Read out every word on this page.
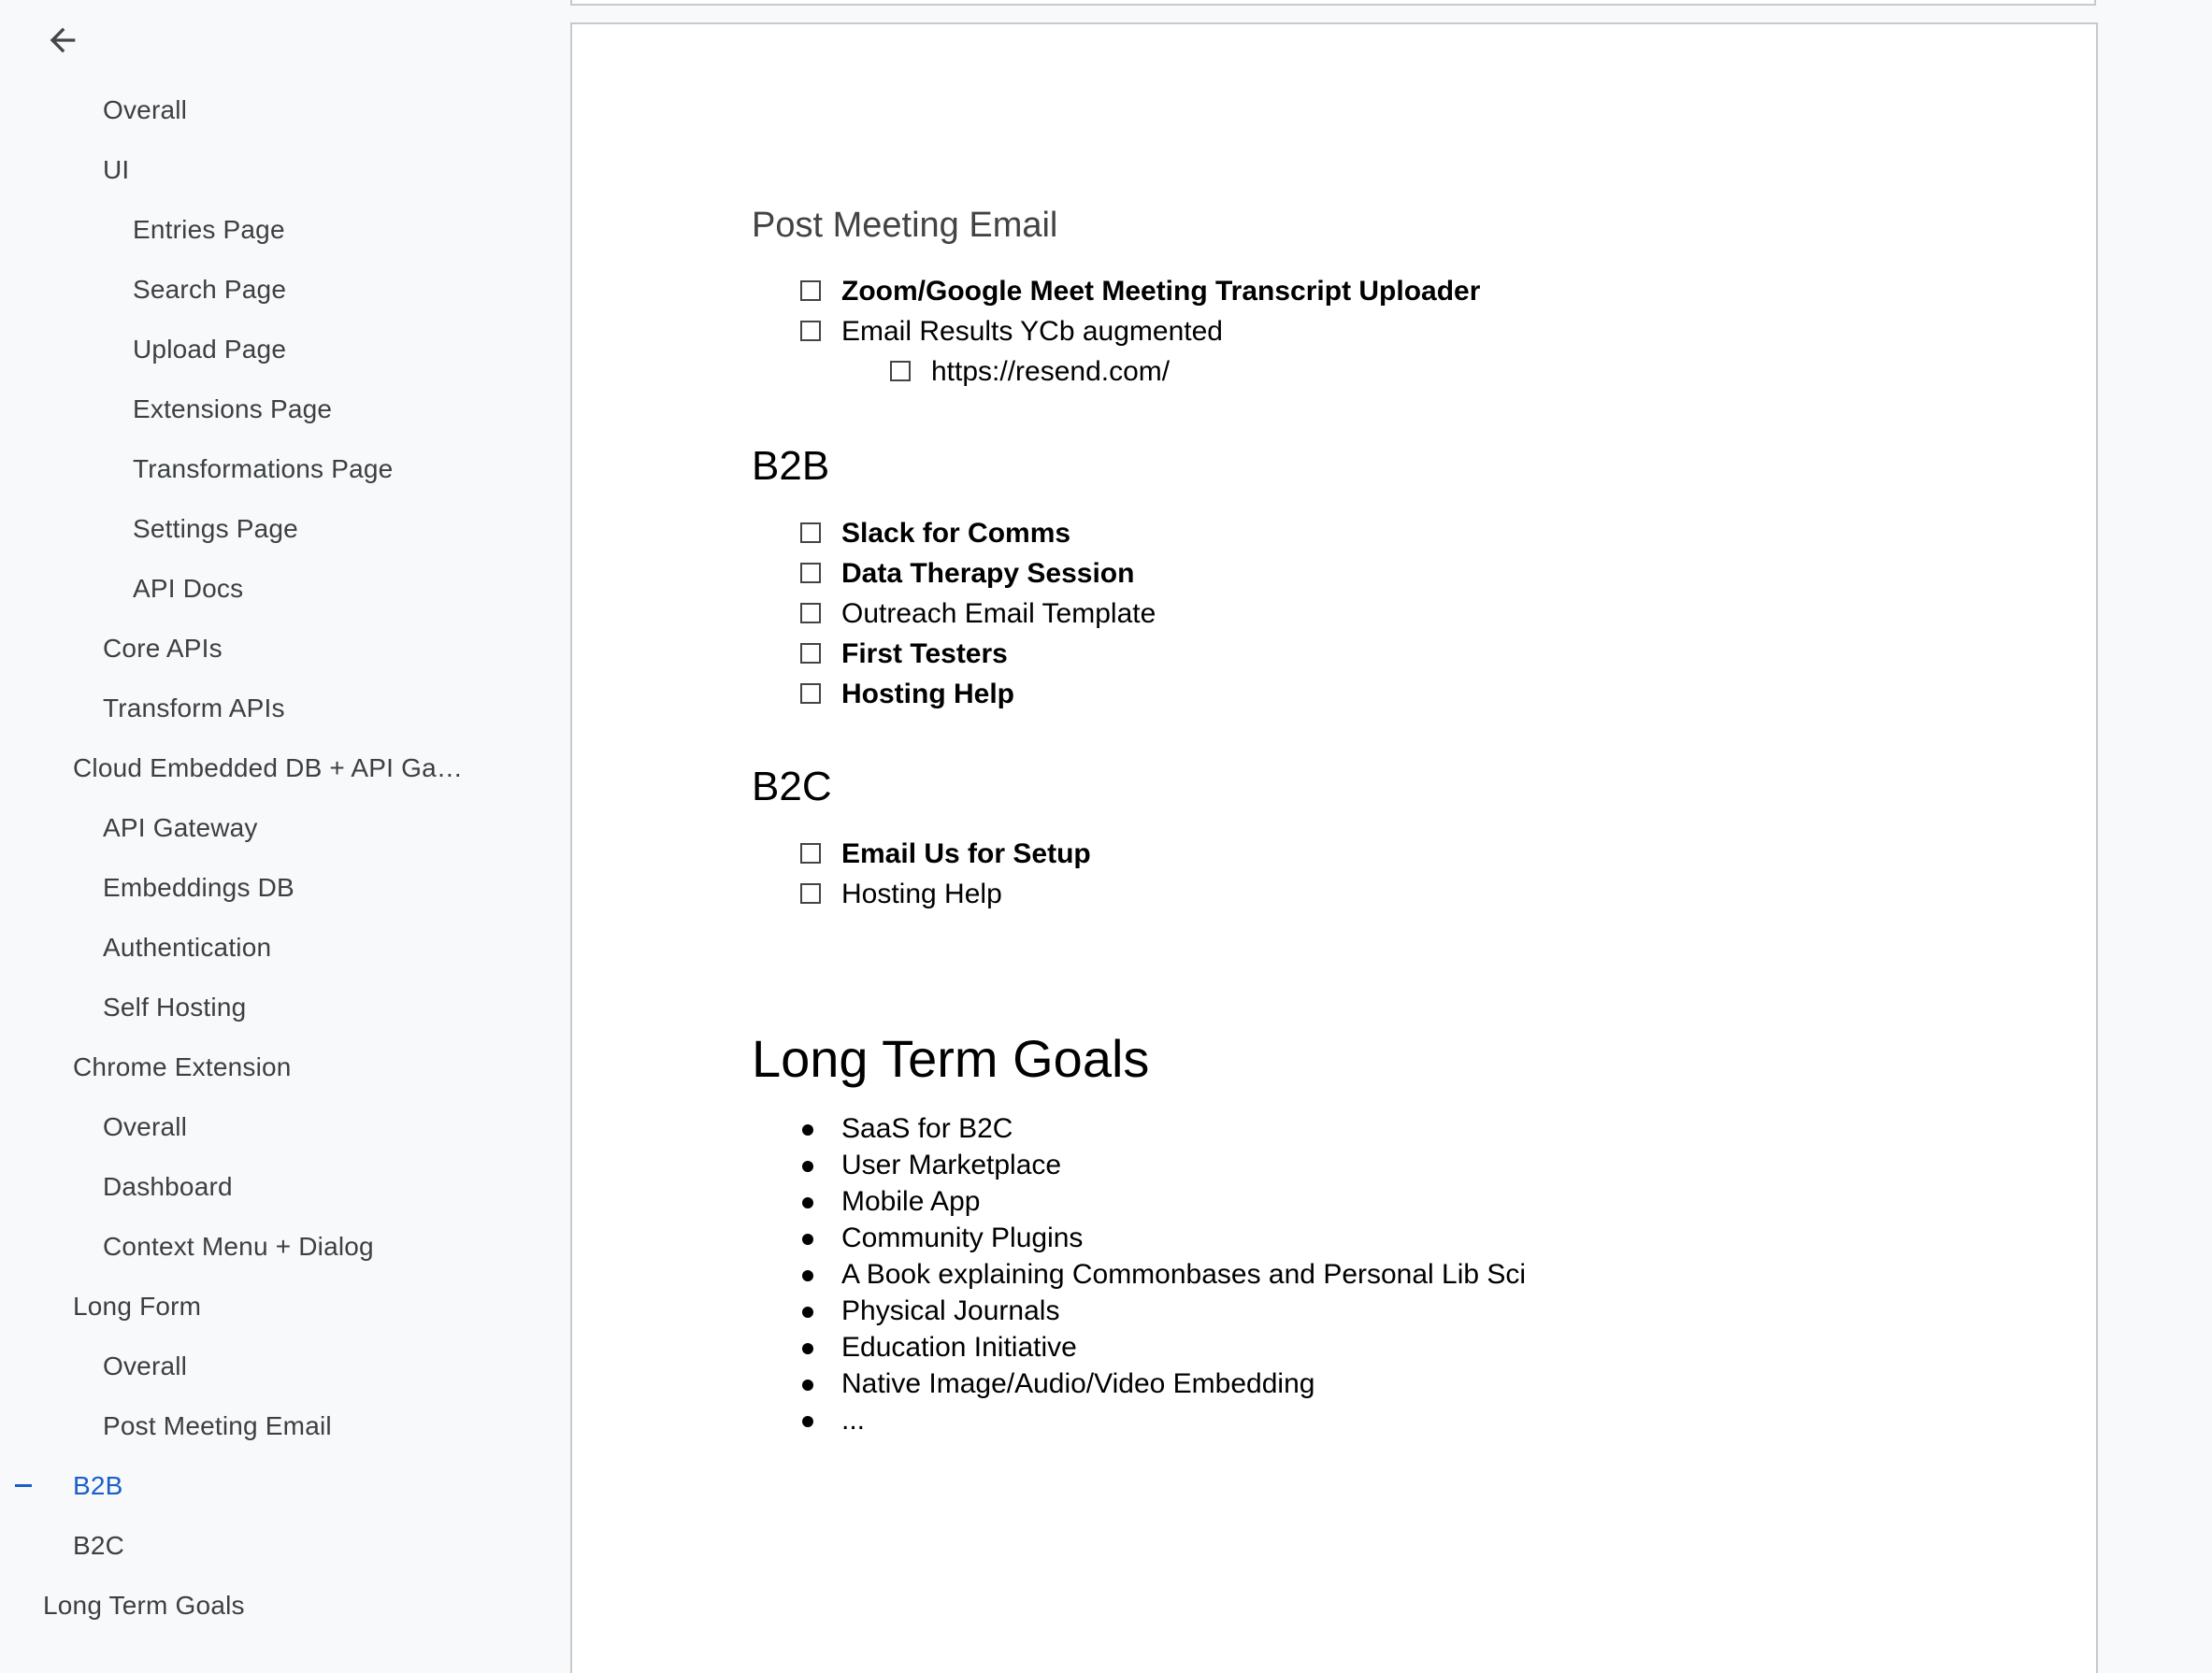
Overall
UI
Entries Page
Search Page
Upload Page
Extensions Page
Transformations Page
Settings Page
API Docs
Core APIs
Transform APIs
Cloud Embedded DB + API Ga…
API Gateway
Embeddings DB
Authentication
Self Hosting
Chrome Extension
Overall
Dashboard
Context Menu + Dialog
Long Form
Overall
Post Meeting Email
B2B
B2C
Long Term Goals
Post Meeting Email
Zoom/Google Meet Meeting Transcript Uploader
Email Results YCb augmented
https://resend.com/
B2B
Slack for Comms
Data Therapy Session
Outreach Email Template
First Testers
Hosting Help
B2C
Email Us for Setup
Hosting Help
Long Term Goals
SaaS for B2C
User Marketplace
Mobile App
Community Plugins
A Book explaining Commonbases and Personal Lib Sci
Physical Journals
Education Initiative
Native Image/Audio/Video Embedding
...
